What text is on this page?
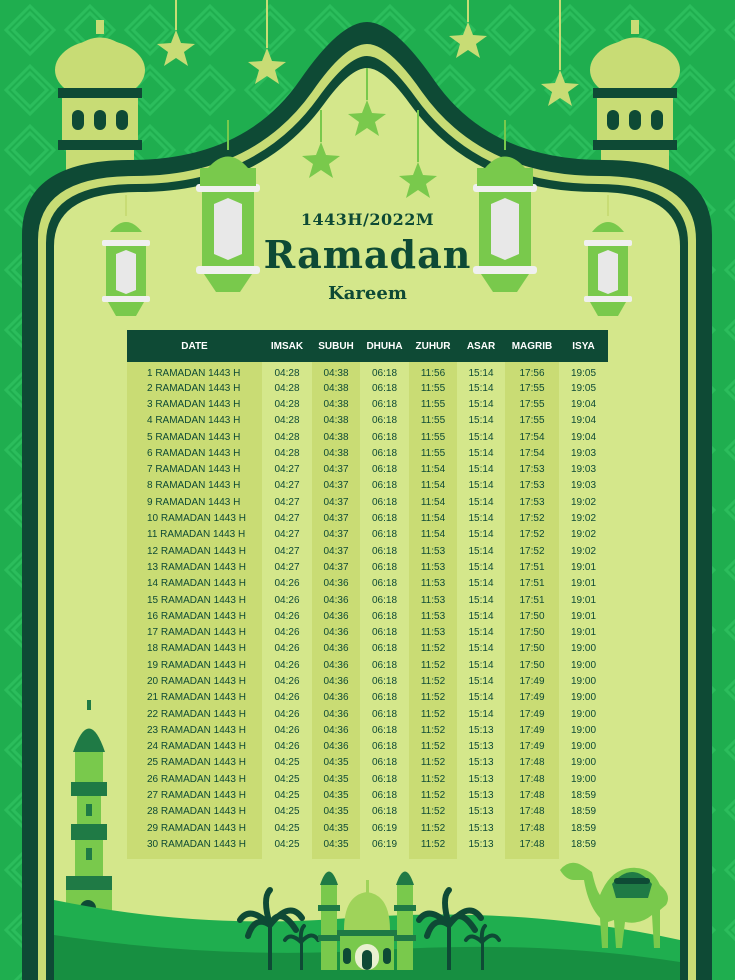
1443H/2022M
Ramadan
Kareem
DATE	IMSAK	SUBUH	DHUHA	ZUHUR	ASAR	MAGRIB	ISYA
1 RAMADAN 1443 H	04:28	04:38	06:18	11:56	15:14	17:56	19:05
2 RAMADAN 1443 H	04:28	04:38	06:18	11:55	15:14	17:55	19:05
3 RAMADAN 1443 H	04:28	04:38	06:18	11:55	15:14	17:55	19:04
4 RAMADAN 1443 H	04:28	04:38	06:18	11:55	15:14	17:55	19:04
5 RAMADAN 1443 H	04:28	04:38	06:18	11:55	15:14	17:54	19:04
6 RAMADAN 1443 H	04:28	04:38	06:18	11:55	15:14	17:54	19:03
7 RAMADAN 1443 H	04:27	04:37	06:18	11:54	15:14	17:53	19:03
8 RAMADAN 1443 H	04:27	04:37	06:18	11:54	15:14	17:53	19:03
9 RAMADAN 1443 H	04:27	04:37	06:18	11:54	15:14	17:53	19:02
10 RAMADAN 1443 H	04:27	04:37	06:18	11:54	15:14	17:52	19:02
11 RAMADAN 1443 H	04:27	04:37	06:18	11:54	15:14	17:52	19:02
12 RAMADAN 1443 H	04:27	04:37	06:18	11:53	15:14	17:52	19:02
13 RAMADAN 1443 H	04:27	04:37	06:18	11:53	15:14	17:51	19:01
14 RAMADAN 1443 H	04:26	04:36	06:18	11:53	15:14	17:51	19:01
15 RAMADAN 1443 H	04:26	04:36	06:18	11:53	15:14	17:51	19:01
16 RAMADAN 1443 H	04:26	04:36	06:18	11:53	15:14	17:50	19:01
17 RAMADAN 1443 H	04:26	04:36	06:18	11:53	15:14	17:50	19:01
18 RAMADAN 1443 H	04:26	04:36	06:18	11:52	15:14	17:50	19:00
19 RAMADAN 1443 H	04:26	04:36	06:18	11:52	15:14	17:50	19:00
20 RAMADAN 1443 H	04:26	04:36	06:18	11:52	15:14	17:49	19:00
21 RAMADAN 1443 H	04:26	04:36	06:18	11:52	15:14	17:49	19:00
22 RAMADAN 1443 H	04:26	04:36	06:18	11:52	15:14	17:49	19:00
23 RAMADAN 1443 H	04:26	04:36	06:18	11:52	15:13	17:49	19:00
24 RAMADAN 1443 H	04:26	04:36	06:18	11:52	15:13	17:49	19:00
25 RAMADAN 1443 H	04:25	04:35	06:18	11:52	15:13	17:48	19:00
26 RAMADAN 1443 H	04:25	04:35	06:18	11:52	15:13	17:48	19:00
27 RAMADAN 1443 H	04:25	04:35	06:18	11:52	15:13	17:48	18:59
28 RAMADAN 1443 H	04:25	04:35	06:18	11:52	15:13	17:48	18:59
29 RAMADAN 1443 H	04:25	04:35	06:19	11:52	15:13	17:48	18:59
30 RAMADAN 1443 H	04:25	04:35	06:19	11:52	15:13	17:48	18:59
